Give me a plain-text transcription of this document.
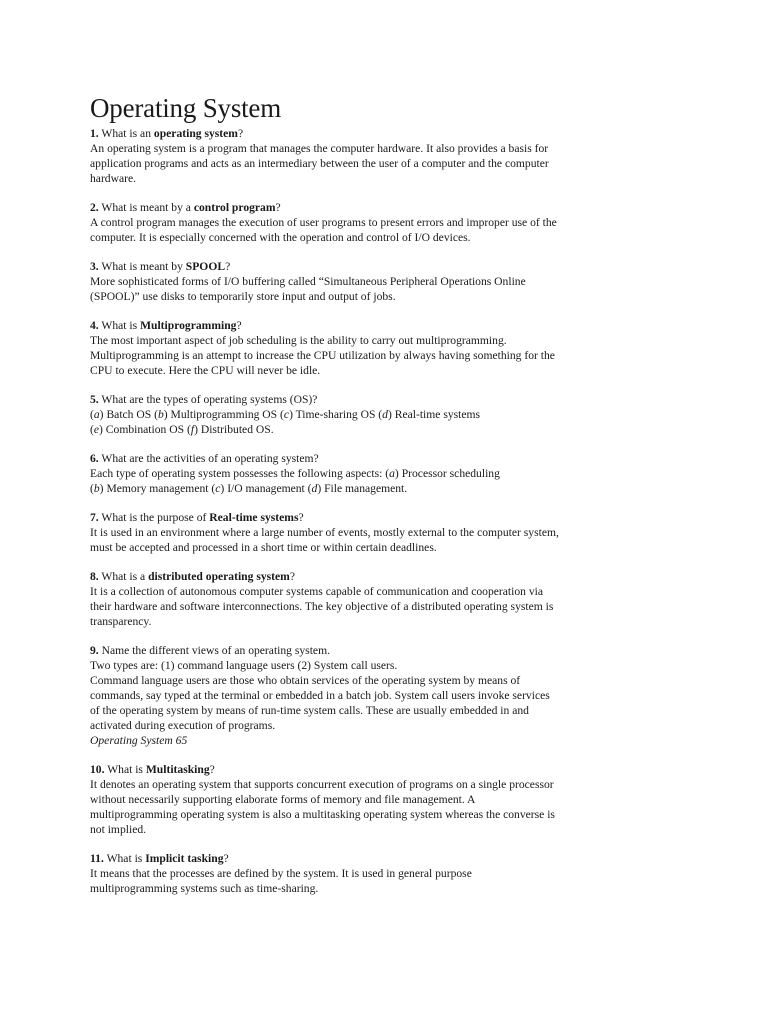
Operating System

1. What is an operating system?

An operating system is a program that manages the computer hardware. It also provides a basis for application programs and acts as an intermediary between the user of a computer and the computer hardware.

2. What is meant by a control program?

A control program manages the execution of user programs to present errors and improper use of the computer. It is especially concerned with the operation and control of I/O devices.

3. What is meant by SPOOL?

More sophisticated forms of I/O buffering called “Simultaneous Peripheral Operations Online (SPOOL)” use disks to temporarily store input and output of jobs.

4. What is Multiprogramming?

The most important aspect of job scheduling is the ability to carry out multiprogramming. Multiprogramming is an attempt to increase the CPU utilization by always having something for the CPU to execute. Here the CPU will never be idle.

5. What are the types of operating systems (OS)?

(a) Batch OS (b) Multiprogramming OS (c) Time-sharing OS (d) Real-time systems
(e) Combination OS (f) Distributed OS.

6. What are the activities of an operating system?

Each type of operating system possesses the following aspects: (a) Processor scheduling
(b) Memory management (c) I/O management (d) File management.

7. What is the purpose of Real-time systems?

It is used in an environment where a large number of events, mostly external to the computer system, must be accepted and processed in a short time or within certain deadlines.

8. What is a distributed operating system?

It is a collection of autonomous computer systems capable of communication and cooperation via their hardware and software interconnections. The key objective of a distributed operating system is transparency.

9. Name the different views of an operating system.

Two types are: (1) command language users (2) System call users.

Command language users are those who obtain services of the operating system by means of commands, say typed at the terminal or embedded in a batch job. System call users invoke services of the operating system by means of run-time system calls. These are usually embedded in and activated during execution of programs.

Operating System 65

10. What is Multitasking?

It denotes an operating system that supports concurrent execution of programs on a single processor without necessarily supporting elaborate forms of memory and file management. A multiprogramming operating system is also a multitasking operating system whereas the converse is not implied.

11. What is Implicit tasking?

It means that the processes are defined by the system. It is used in general purpose multiprogramming systems such as time-sharing.
